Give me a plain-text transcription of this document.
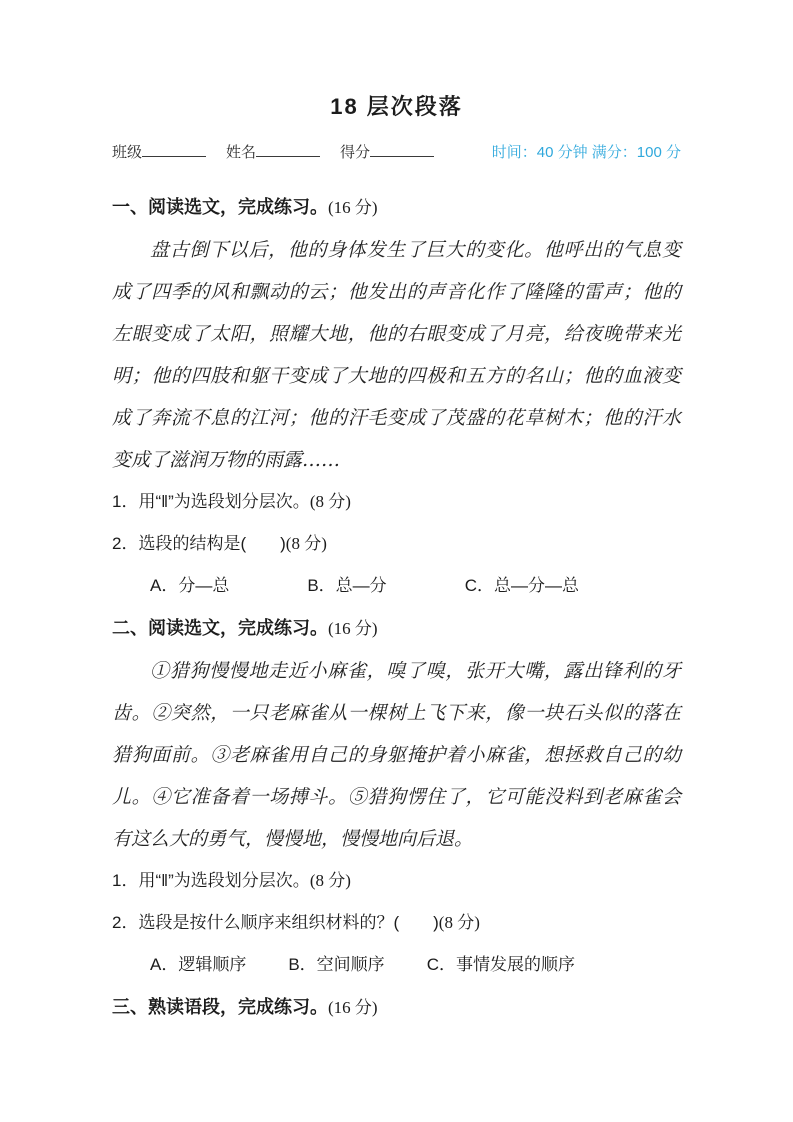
18 层次段落
班级	姓名	得分	时间：40 分钟 满分：100 分
一、阅读选文，完成练习。(16 分)

盘古倒下以后，他的身体发生了巨大的变化。他呼出的气息变成了四季的风和飘动的云；他发出的声音化作了隆隆的雷声；他的左眼变成了太阳，照耀大地，他的右眼变成了月亮，给夜晚带来光明；他的四肢和躯干变成了大地的四极和五方的名山；他的血液变成了奔流不息的江河；他的汗毛变成了茂盛的花草树木；他的汗水变成了滋润万物的雨露……

1．用“‖”为选段划分层次。(8 分)
2．选段的结构是(　　)(8 分)
A．分—总	B．总—分	C．总—分—总
二、阅读选文，完成练习。(16 分)

①猎狗慢慢地走近小麻雀，嗅了嗅，张开大嘴，露出锋利的牙齿。②突然，一只老麻雀从一棵树上飞下来，像一块石头似的落在猎狗面前。③老麻雀用自己的身躯掩护着小麻雀，想拯救自己的幼儿。④它准备着一场搏斗。⑤猎狗愣住了，它可能没料到老麻雀会有这么大的勇气，慢慢地，慢慢地向后退。

1．用“‖”为选段划分层次。(8 分)
2．选段是按什么顺序来组织材料的？(　　)(8 分)
A．逻辑顺序 B．空间顺序 C．事情发展的顺序
三、熟读语段，完成练习。(16 分)
